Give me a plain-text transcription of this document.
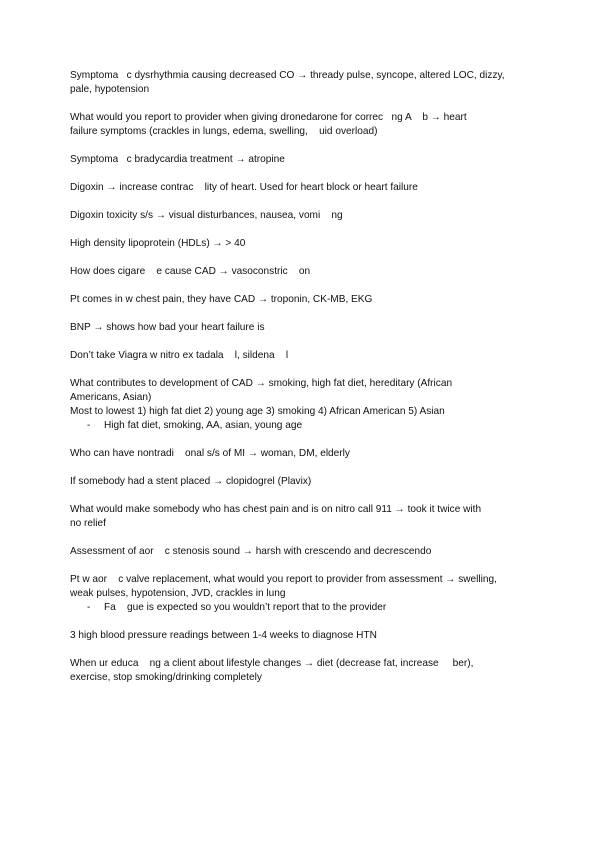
Symptoma   c dysrhythmia causing decreased CO → thready pulse, syncope, altered LOC, dizzy,
pale, hypotension
What would you report to provider when giving dronedarone for correc   ng A    b → heart
failure symptoms (crackles in lungs, edema, swelling,    uid overload)
Symptoma   c bradycardia treatment → atropine
Digoxin → increase contrac    lity of heart. Used for heart block or heart failure
Digoxin toxicity s/s → visual disturbances, nausea, vomi    ng
High density lipoprotein (HDLs) → > 40
How does cigare    e cause CAD → vasoconstric    on
Pt comes in w chest pain, they have CAD → troponin, CK-MB, EKG
BNP → shows how bad your heart failure is
Don’t take Viagra w nitro ex tadala    l, sildena    l
What contributes to development of CAD → smoking, high fat diet, hereditary (African
Americans, Asian)
Most to lowest 1) high fat diet 2) young age 3) smoking 4) African American 5) Asian
- High fat diet, smoking, AA, asian, young age
Who can have nontradi    onal s/s of MI → woman, DM, elderly
If somebody had a stent placed → clopidogrel (Plavix)
What would make somebody who has chest pain and is on nitro call 911 → took it twice with
no relief
Assessment of aor    c stenosis sound → harsh with crescendo and decrescendo
Pt w aor    c valve replacement, what would you report to provider from assessment → swelling,
weak pulses, hypotension, JVD, crackles in lung
- Fa    gue is expected so you wouldn’t report that to the provider
3 high blood pressure readings between 1-4 weeks to diagnose HTN
When ur educa    ng a client about lifestyle changes → diet (decrease fat, increase     ber),
exercise, stop smoking/drinking completely
